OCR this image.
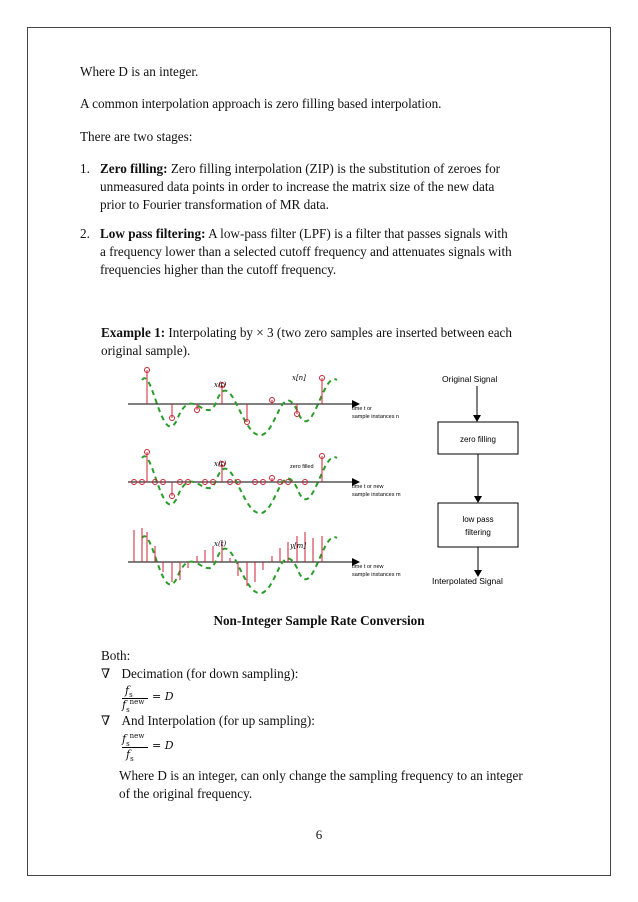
Where D is an integer.

A common interpolation approach is zero filling based interpolation.

There are two stages:

1. Zero filling: Zero filling interpolation (ZIP) is the substitution of zeroes for
unmeasured data points in order to increase the matrix size of the new data
prior to Fourier transformation of MR data.
2. Low pass filtering: A low-pass filter (LPF) is a filter that passes signals with
a frequency lower than a selected cutoff frequency and attenuates signals with
frequencies higher than the cutoff frequency.
Example 1: Interpolating by × 3 (two zero samples are inserted between each
original sample).
x(t)
x[n]
time t or
sample instances n
x(t)	zero filled
time t or new
sample instances m
x(t)	y[m]
time t or new
sample instances m
Original Signal
zero filling
low pass
filtering
Interpolated Signal
Non-Integer Sample Rate Conversion

Both:

∇ Decimation (for down sampling):
$f_s$
$f_s^{new} = D$
∇ And Interpolation (for up sampling):
$f_s^{new}$
$f_s$
= D
Where D is an integer, can only change the sampling frequency to an integer
of the original frequency.
6
